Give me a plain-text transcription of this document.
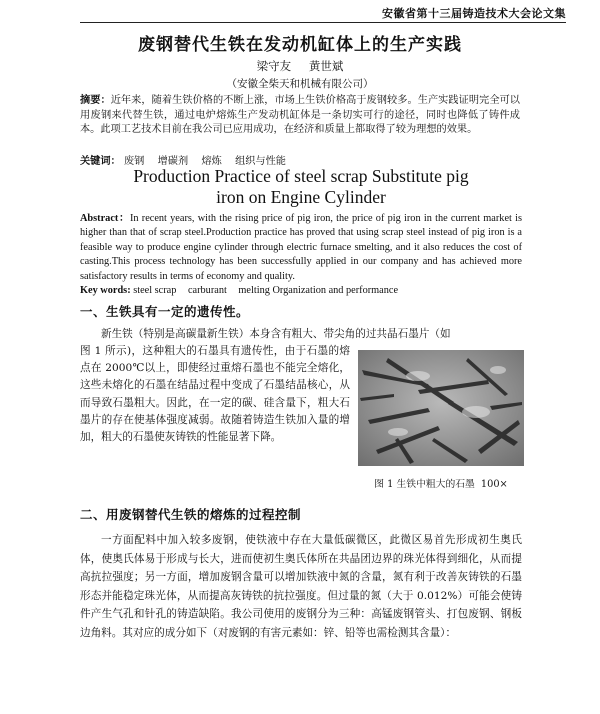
安徽省第十三届铸造技术大会论文集
废钢替代生铁在发动机缸体上的生产实践
梁守友 黄世斌
（安徽全柴天和机械有限公司）
摘要：近年来，随着生铁价格的不断上涨，市场上生铁价格高于废钢较多。生产实践证明完全可以用废钢来代替生铁，通过电炉熔炼生产发动机缸体是一条切实可行的途径，同时也降低了铸件成本。此项工艺技术目前在我公司已应用成功，在经济和质量上都取得了较为理想的效果。
关键词： 废钢 增碳剂 熔炼 组织与性能
Production Practice of steel scrap Substitute pig iron on Engine Cylinder
Abstract：In recent years, with the rising price of pig iron, the price of pig iron in the current market is higher than that of scrap steel.Production practice has proved that using scrap steel instead of pig iron is a feasible way to produce engine cylinder through electric furnace smelting, and it also reduces the cost of casting.This process technology has been successfully applied in our company and has achieved more satisfactory results in terms of economy and quality.
Key words: steel scrap carburant melting Organization and performance
一、生铁具有一定的遗传性。

新生铁（特别是高碳量新生铁）本身含有粗大、带尖角的过共晶石墨片（如

图 1 所示)，这种粗大的石墨具有遗传性，由于石墨的熔点在 2000℃以上，即使经过重熔石墨也不能完全熔化，这些未熔化的石墨在结晶过程中变成了石墨结晶核心，从而导致石墨粗大。因此，在一定的碳、硅含量下，粗大石墨片的存在使基体强度减弱。故随着铸造生铁加入量的增加，粗大的石墨使灰铸铁的性能显著下降。
图 1 生铁中粗大的石墨 100×
二、用废钢替代生铁的熔炼的过程控制
一方面配料中加入较多废钢，使铁液中存在大量低碳微区，此微区易首先形成初生奥氏体，使奥氏体易于形成与长大，进而使初生奥氏体所在共晶团边界的珠光体得到细化，从而提高抗拉强度；另一方面，增加废钢含量可以增加铁液中氮的含量，氮有利于改善灰铸铁的石墨形态并能稳定珠光体，从而提高灰铸铁的抗拉强度。但过量的氮（大于 0.012%）可能会使铸件产生气孔和针孔的铸造缺陷。我公司使用的废钢分为三种：高锰废钢管头、打包废钢、钢板边角料。其对应的成分如下（对废钢的有害元素如：锌、铅等也需检测其含量）：
